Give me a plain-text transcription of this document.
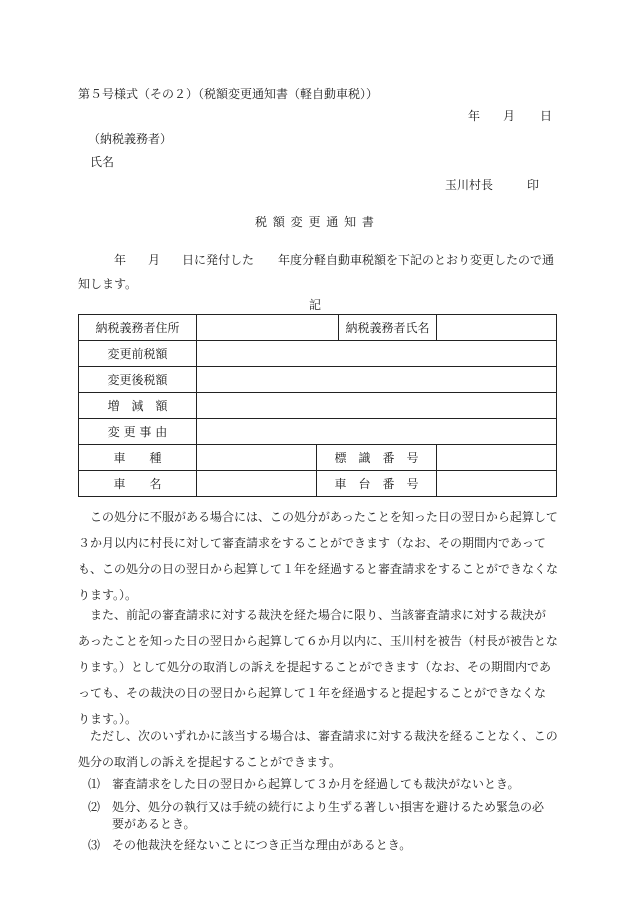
第５号様式（その２）（税額変更通知書（軽自動車税））
年 月 日
（納税義務者）
氏名
玉川村長	印
税 額 変 更 通 知 書
年 月 日に発付した　　年度分軽自動車税額を下記のとおり変更したので通
知します。
記
納税義務者住所			納税義務者氏名	
変更前税額				
変更後税額				
増　減　額				
変 更 事 由				
車　　種		標　識　番　号		
車　　名		車　台　番　号		
この処分に不服がある場合には、この処分があったことを知った日の翌日から起算して３か月以内に村長に対して審査請求をすることができます（なお、その期間内であっても、この処分の日の翌日から起算して１年を経過すると審査請求をすることができなくなります。）。
また、前記の審査請求に対する裁決を経た場合に限り、当該審査請求に対する裁決があったことを知った日の翌日から起算して６か月以内に、玉川村を被告（村長が被告となります。）として処分の取消しの訴えを提起することができます（なお、その期間内であっても、その裁決の日の翌日から起算して１年を経過すると提起することができなくなります。）。
ただし、次のいずれかに該当する場合は、審査請求に対する裁決を経ることなく、この処分の取消しの訴えを提起することができます。
⑴ 審査請求をした日の翌日から起算して３か月を経過しても裁決がないとき。
⑵ 処分、処分の執行又は手続の続行により生ずる著しい損害を避けるため緊急の必要があるとき。
⑶ その他裁決を経ないことにつき正当な理由があるとき。
